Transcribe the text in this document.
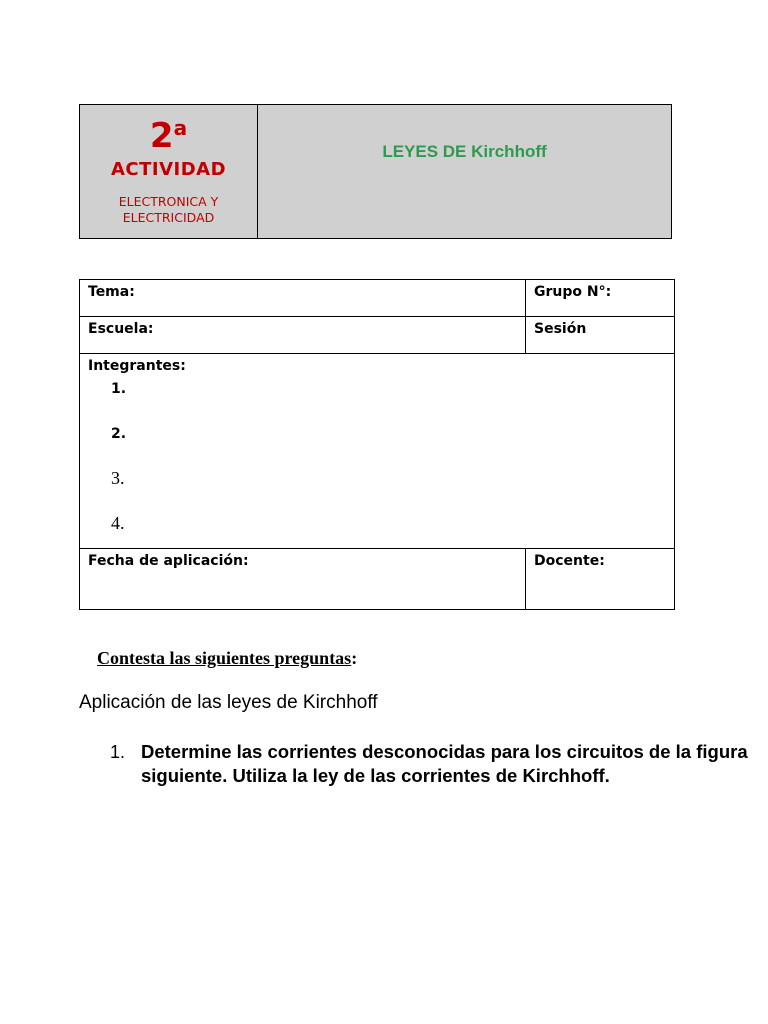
2$^a$
ACTIVIDAD
ELECTRONICA Y
ELECTRICIDAD
LEYES DE Kirchhoff
Tema:	Grupo N°:
Escuela:	Sesión

Integrantes:
1.
2.
3.
4.	

Fecha de aplicación:	Docente:
Contesta las siguientes preguntas:
Aplicación de las leyes de Kirchhoff
1. Determine las corrientes desconocidas para los circuitos de la figura siguiente. Utiliza la ley de las corrientes de Kirchhoff.
